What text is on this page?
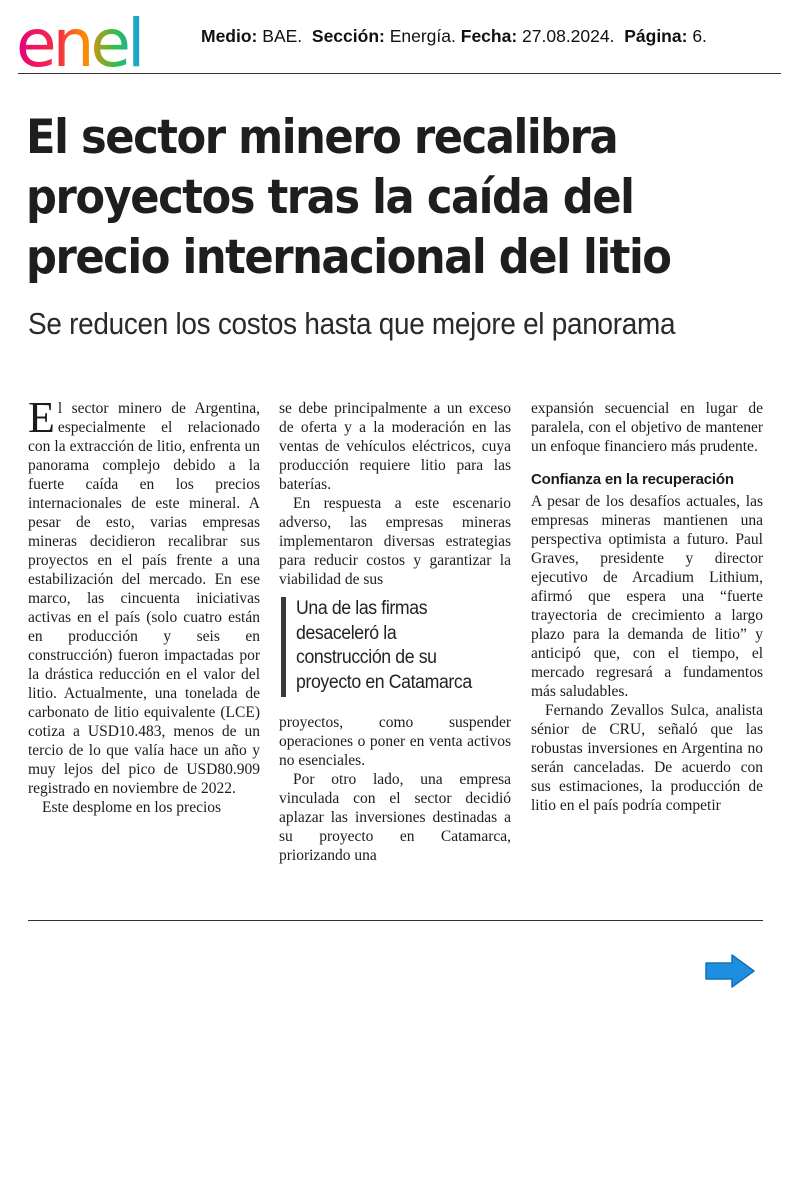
enel	Medio: BAE. Sección: Energía. Fecha: 27.08.2024. Página: 6.
El sector minero recalibra
proyectos tras la caída del
precio internacional del litio
Se reducen los costos hasta que mejore el panorama

El sector minero de Argentina, especialmente el relacionado con la extracción de litio, enfrenta un panorama complejo debido a la fuerte caída en los precios internacionales de este mineral. A pesar de esto, varias empresas mineras decidieron recalibrar sus proyectos en el país frente a una estabilización del mercado. En ese marco, las cincuenta iniciativas activas en el país (solo cuatro están en producción y seis en construcción) fueron impactadas por la drástica reducción en el valor del litio. Actualmente, una tonelada de carbonato de litio equivalente (LCE) cotiza a USD10.483, menos de un tercio de lo que valía hace un año y muy lejos del pico de USD80.909 registrado en noviembre de 2022.

Este desplome en los precios

se debe principalmente a un exceso de oferta y a la moderación en las ventas de vehículos eléctricos, cuya producción requiere litio para las baterías.

En respuesta a este escenario adverso, las empresas mineras implementaron diversas estrategias para reducir costos y garantizar la viabilidad de sus

proyectos, como suspender operaciones o poner en venta activos no esenciales.

Por otro lado, una empresa vinculada con el sector decidió aplazar las inversiones destinadas a su proyecto en Catamarca, priorizando una

Una de las firmas
desaceleró la
construcción de su
proyecto en Catamarca

expansión secuencial en lugar de paralela, con el objetivo de mantener un enfoque financiero más prudente.

Confianza en la recuperación

A pesar de los desafíos actuales, las empresas mineras mantienen una perspectiva optimista a futuro. Paul Graves, presidente y director ejecutivo de Arcadium Lithium, afirmó que espera una “fuerte trayectoria de crecimiento a largo plazo para la demanda de litio” y anticipó que, con el tiempo, el mercado regresará a fundamentos más saludables.

Fernando Zevallos Sulca, analista sénior de CRU, señaló que las robustas inversiones en Argentina no serán canceladas. De acuerdo con sus estimaciones, la producción de litio en el país podría competir
